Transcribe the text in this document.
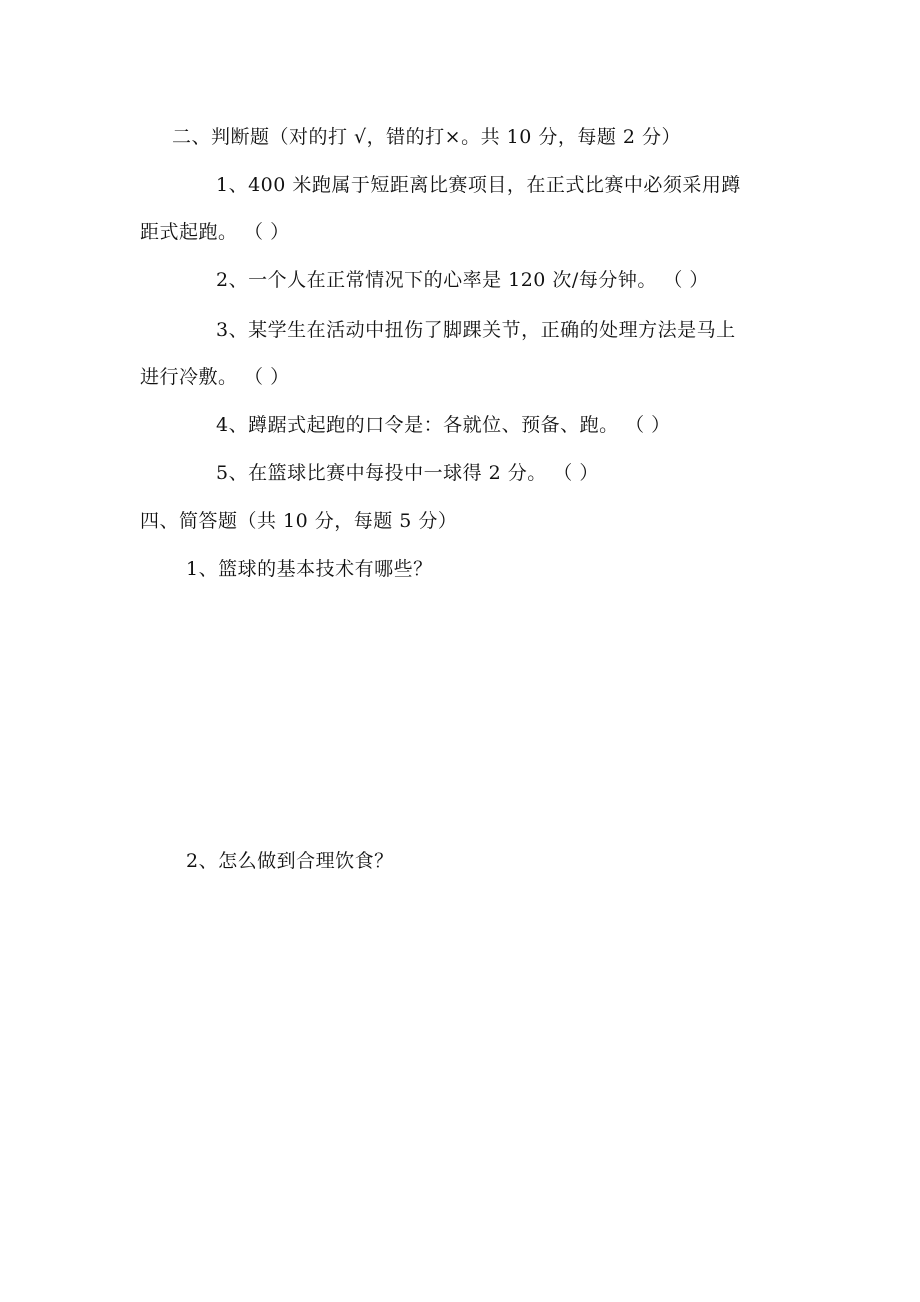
二、判断题（对的打 √，错的打×。共 10 分，每题 2 分）
1、400 米跑属于短距离比赛项目，在正式比赛中必须采用蹲
距式起跑。 （ ）
2、一个人在正常情况下的心率是 120 次/每分钟。 （ ）
3、某学生在活动中扭伤了脚踝关节，正确的处理方法是马上
进行冷敷。 （ ）
4、蹲踞式起跑的口令是：各就位、预备、跑。 （ ）
5、在篮球比赛中每投中一球得 2 分。 （ ）
四、简答题（共 10 分，每题 5 分）
1、篮球的基本技术有哪些？
2、怎么做到合理饮食？
